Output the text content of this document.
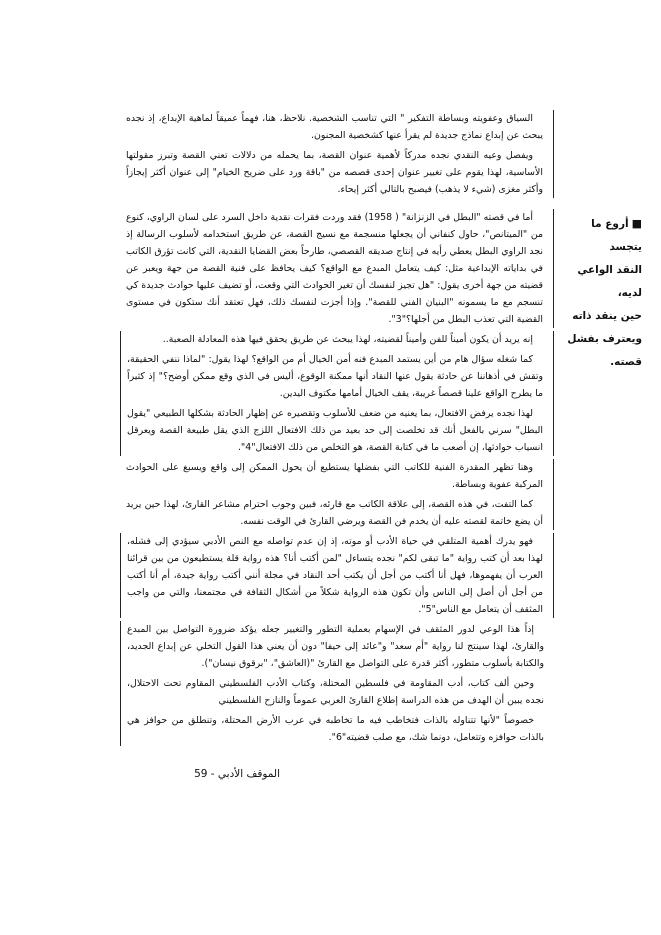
السياق وعفويته وبساطة التفكير " التي تناسب الشخصية. نلاحظ، هنا، فهماً عميقاً لماهية الإبداع، إذ نجده يبحث عن إبداع نماذج جديدة لم يقرأ عنها كشخصية المجنون.

ويفصل وعيه النقدي نجده مدركاً لأهمية عنوان القصة، بما يحمله من دلالات تعني القصة وتبرز مقولتها الأساسية، لهذا يقوم على تغيير عنوان إحدى قصصه من "باقة ورد على ضريح الخيام" إلى عنوان أكثر إيجازاً وأكثر مغزى (شيء لا يذهب) فيصبح بالتالي أكثر إيحاء.

أما في قصته "البطل في الزنزانة" ( 1958) فقد وردت فقرات نقدية داخل السرد على لسان الراوي، كنوع من "الميتانص"، حاول كنفاني أن يجعلها منسجمة مع نسيج القصة، عن طريق استخدامه لأسلوب الرسالة إذ نجد الراوي البطل يعطي رأيه في إنتاج صديقه القصصي، طارحاً بعض القضايا النقدية، التي كانت تؤرق الكاتب في بداياته الإبداعية مثل: كيف يتعامل المبدع مع الواقع؟ كيف يحافظ على فنية القصة من جهة ويعبر عن قضيته من جهة أخرى يقول: "هل تجيز لنفسك أن تغير الحوادث التي وقعت، أو تضيف عليها حوادث جديدة كي تنسجم مع ما يسمونه "البنيان الفني للقصة". وإذا أجزت لنفسك ذلك، فهل تعتقد أنك ستكون في مستوى القضية التي تعذب البطل من أجلها؟"3".

إنه يريد أن يكون أميناً للفن وأميناً لقضيته، لهذا يبحث عن طريق يحقق فيها هذه المعادلة الصعبة..

كما شغله سؤال هام من أين يستمد المبدع فنه أمن الخيال أم من الواقع؟ لهذا يقول: "لماذا ننفي الحقيقة، وتقش في أذهاننا عن حادثة يقول عنها النقاد أنها ممكنة الوقوع، أليس في الذي وقع ممكن أوضح؟" إذ كثيراً ما يطرح الواقع علينا قصصاً غريبة، يقف الخيال أمامها مكتوف اليدين.

لهذا نجده يرفض الافتعال، بما يعنيه من ضعف للأسلوب وتقصيره عن إظهار الحادثة بشكلها الطبيعي "يقول البطل" سرني بالفعل أنك قد تخلصت إلى حد بعيد من ذلك الافتعال اللزج الذي يقل طبيعة القصة ويعرقل انسياب حوادثها، إن أصعب ما في كتابة القصة، هو التخلص من ذلك الافتعال"4".

وهنا تظهر المقدرة الفنية للكاتب التي بفضلها يستطيع أن يحول الممكن إلى واقع ويسبغ على الحوادث المركبة عفوية وبساطة.

كما التفت، في هذه القصة، إلى علاقة الكاتب مع قارئه، فبين وجوب احترام مشاعر القارئ، لهذا حين يريد أن يضع خاتمة لقصته عليه أن يخدم فن القصة ويرضي القارئ في الوقت نفسه.

فهو يدرك أهمية المتلقي في حياة الأدب أو موته، إذ إن عدم تواصله مع النص الأدبي سيؤدي إلى فشله، لهذا بعد أن كتب رواية "ما تبقى لكم" نجده يتساءل "لمن أكتب أنا؟ هذه رواية قلة يستطيعون من بين قرائنا العرب أن يفهموها، فهل أنا أكتب من أجل أن يكتب أحد النقاد في مجلة أنني أكتب رواية جيدة، أم أنا أكتب من أجل أن أصل إلى الناس وأن تكون هذه الرواية شكلاً من أشكال الثقافة في مجتمعنا، والتي من واجب المثقف أن يتعامل مع الناس"5".

إذاً هذا الوعي لدور المثقف في الإسهام بعملية التطور والتغيير جعله يؤكد ضرورة التواصل بين المبدع والقارئ، لهذا سينتج لنا رواية "أم سعد" و"عائد إلى حيفا" دون أن يعني هذا القول التخلي عن إبداع الجديد، والكتابة بأسلوب متطور، أكثر قدرة على التواصل مع القارئ "(العاشق"، "برقوق نيسان").

وحين ألف كتاب، أدب المقاومة في فلسطين المحتلة، وكتاب الأدب الفلسطيني المقاوم تحت الاحتلال، نجده يبين أن الهدف من هذه الدراسة إطلاع القارئ العربي عموماً والنازح الفلسطيني

خصوصاً "لأنها تتناوله بالذات فتخاطب فيه ما تخاطبه في عرب الأرض المحتلة، وتنطلق من حوافز هي بالذات حوافزه وتتعامل، دونما شك، مع صلب قضيته"6".

■أروع ما يتجسد
النقد الواعي لديه،
حين ينقد ذاته
ويعترف بفشل
قصته.
الموقف الأدبي - 59
